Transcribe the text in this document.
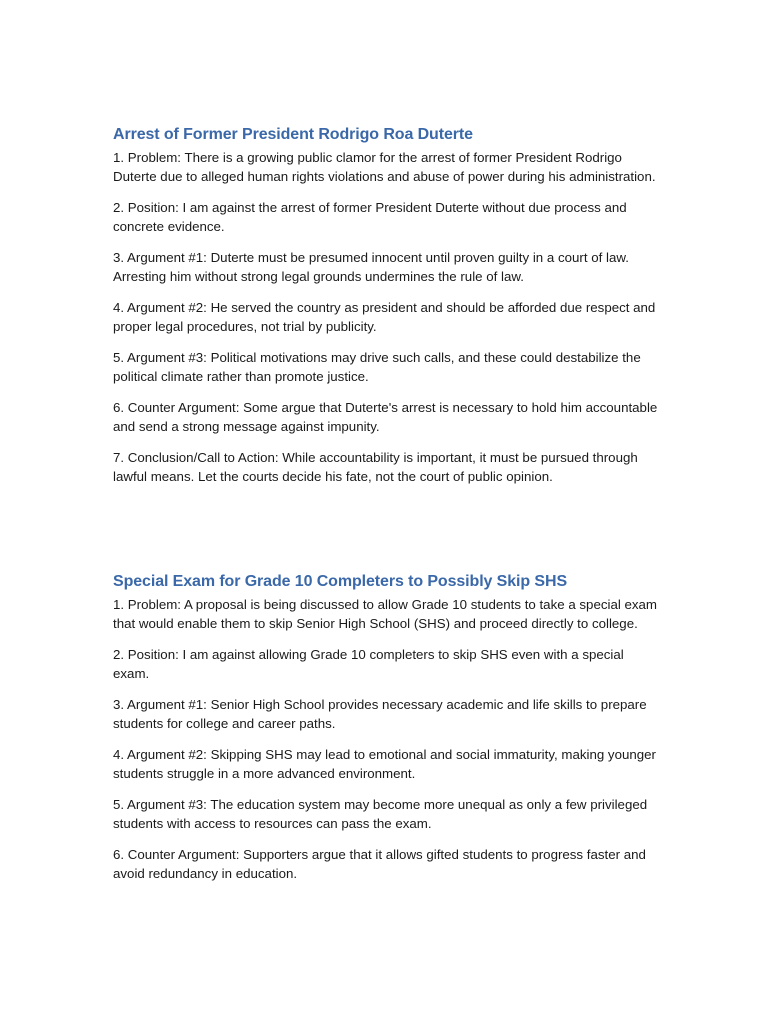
Arrest of Former President Rodrigo Roa Duterte

1. Problem: There is a growing public clamor for the arrest of former President Rodrigo Duterte due to alleged human rights violations and abuse of power during his administration.

2. Position: I am against the arrest of former President Duterte without due process and concrete evidence.

3. Argument #1: Duterte must be presumed innocent until proven guilty in a court of law. Arresting him without strong legal grounds undermines the rule of law.

4. Argument #2: He served the country as president and should be afforded due respect and proper legal procedures, not trial by publicity.

5. Argument #3: Political motivations may drive such calls, and these could destabilize the political climate rather than promote justice.

6. Counter Argument: Some argue that Duterte's arrest is necessary to hold him accountable and send a strong message against impunity.

7. Conclusion/Call to Action: While accountability is important, it must be pursued through lawful means. Let the courts decide his fate, not the court of public opinion.

Special Exam for Grade 10 Completers to Possibly Skip SHS

1. Problem: A proposal is being discussed to allow Grade 10 students to take a special exam that would enable them to skip Senior High School (SHS) and proceed directly to college.

2. Position: I am against allowing Grade 10 completers to skip SHS even with a special exam.

3. Argument #1: Senior High School provides necessary academic and life skills to prepare students for college and career paths.

4. Argument #2: Skipping SHS may lead to emotional and social immaturity, making younger students struggle in a more advanced environment.

5. Argument #3: The education system may become more unequal as only a few privileged students with access to resources can pass the exam.

6. Counter Argument: Supporters argue that it allows gifted students to progress faster and avoid redundancy in education.
